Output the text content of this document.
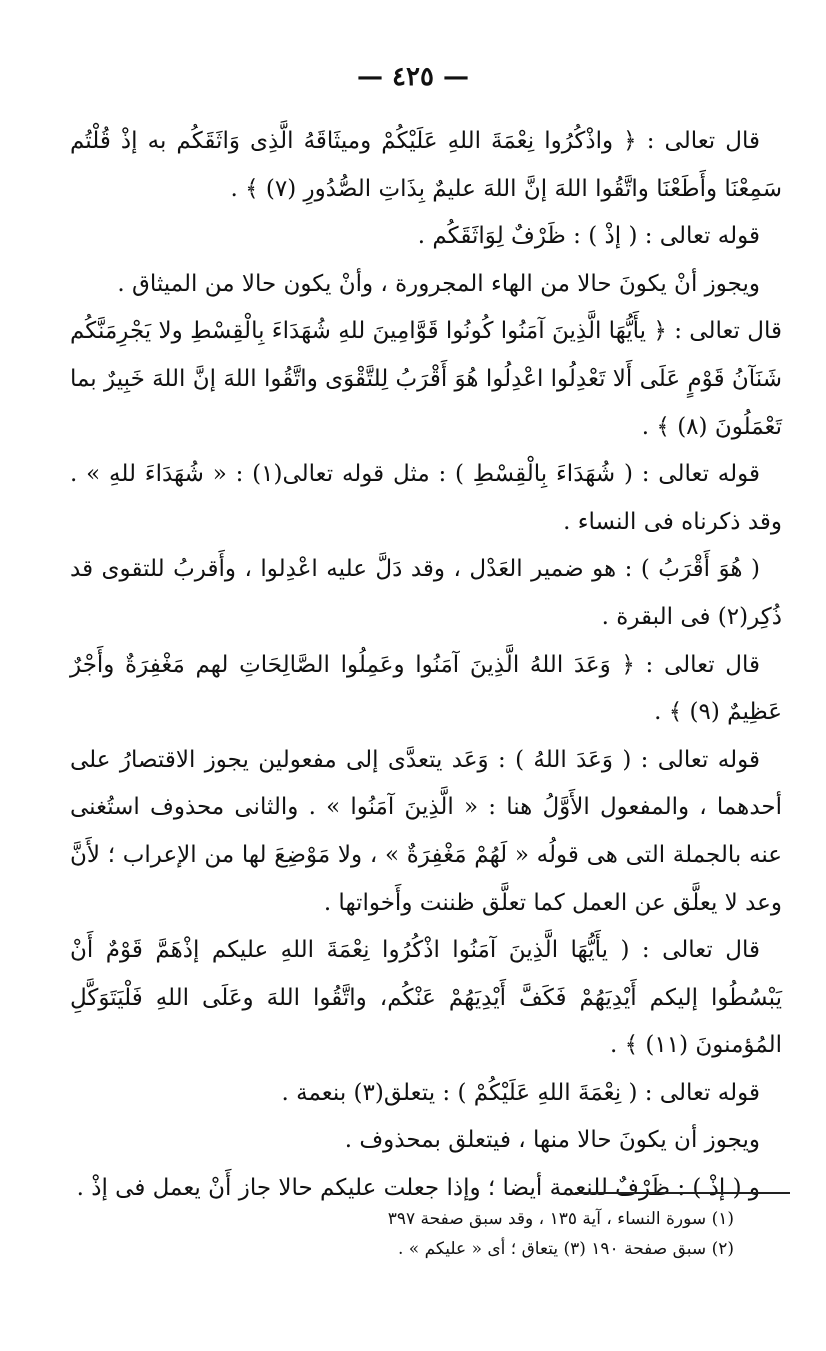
— ٤٢٥ —

قال تعالى : ﴿ واذْكُرُوا نِعْمَةَ اللهِ عَلَيْكُمْ وميثَاقَهُ الَّذِى وَاثَقَكُم به إذْ قُلْتُم سَمِعْنَا وأَطَعْنَا واتَّقُوا اللهَ إنَّ اللهَ عليمٌ بِذَاتِ الصُّدُورِ (٧) ﴾ .

قوله تعالى : ( إذْ ) : ظَرْفٌ لِوَاثَقَكُم .

ويجوز أنْ يكونَ حالا من الهاء المجرورة ، وأنْ يكون حالا من الميثاق .

قال تعالى : ﴿ يأَيُّهَا الَّذِينَ آمَنُوا كُونُوا قَوَّامِينَ للهِ شُهَدَاءَ بِالْقِسْطِ ولا يَجْرِمَنَّكُم شَنَآنُ قَوْمٍ عَلَى أَلا تَعْدِلُوا اعْدِلُوا هُوَ أَقْرَبُ لِلتَّقْوَى واتَّقُوا اللهَ إنَّ اللهَ خَبِيرٌ بما تَعْمَلُونَ (٨) ﴾ .

قوله تعالى : ( شُهَدَاءَ بِالْقِسْطِ ) : مثل قوله تعالى(١) : « شُهَدَاءَ للهِ » . وقد ذكرناه فى النساء .

( هُوَ أَقْرَبُ ) : هو ضمير العَدْل ، وقد دَلَّ عليه اعْدِلوا ، وأَقربُ للتقوى قد ذُكِر(٢) فى البقرة .

قال تعالى : ﴿ وَعَدَ اللهُ الَّذِينَ آمَنُوا وعَمِلُوا الصَّالِحَاتِ لهم مَغْفِرَةٌ وأَجْرٌ عَظِيمٌ (٩) ﴾ .

قوله تعالى : ( وَعَدَ اللهُ ) : وَعَد يتعدَّى إلى مفعولين يجوز الاقتصارُ على أحدهما ، والمفعول الأَوَّلُ هنا : « الَّذِينَ آمَنُوا » . والثانى محذوف استُغنى عنه بالجملة التى هى قولُه « لَهُمْ مَغْفِرَةٌ » ، ولا مَوْضِعَ لها من الإعراب ؛ لأَنَّ وعد لا يعلَّق عن العمل كما تعلَّق ظننت وأَخواتها .

قال تعالى : ( يأَيُّهَا الَّذِينَ آمَنُوا اذْكُرُوا نِعْمَةَ اللهِ عليكم إذْهَمَّ قَوْمٌ أَنْ يَبْسُطُوا إليكم أَيْدِيَهُمْ فَكَفَّ أَيْدِيَهُمْ عَنْكُم، واتَّقُوا اللهَ وعَلَى اللهِ فَلْيَتَوَكَّلِ المُؤمنونَ (١١) ﴾ .

قوله تعالى : ( نِعْمَةَ اللهِ عَلَيْكُمْ ) : يتعلق(٣) بنعمة .

ويجوز أن يكونَ حالا منها ، فيتعلق بمحذوف .

و ( إذْ ) : ظَرْفٌ للنعمة أيضا ؛ وإذا جعلت عليكم حالا جاز أَنْ يعمل فى إذْ .

(١) سورة النساء ، آية ١٣٥ ، وقد سبق صفحة ٣٩٧

(٢) سبق صفحة ١٩٠ (٣) يتعاق ؛ أى « عليكم » .
